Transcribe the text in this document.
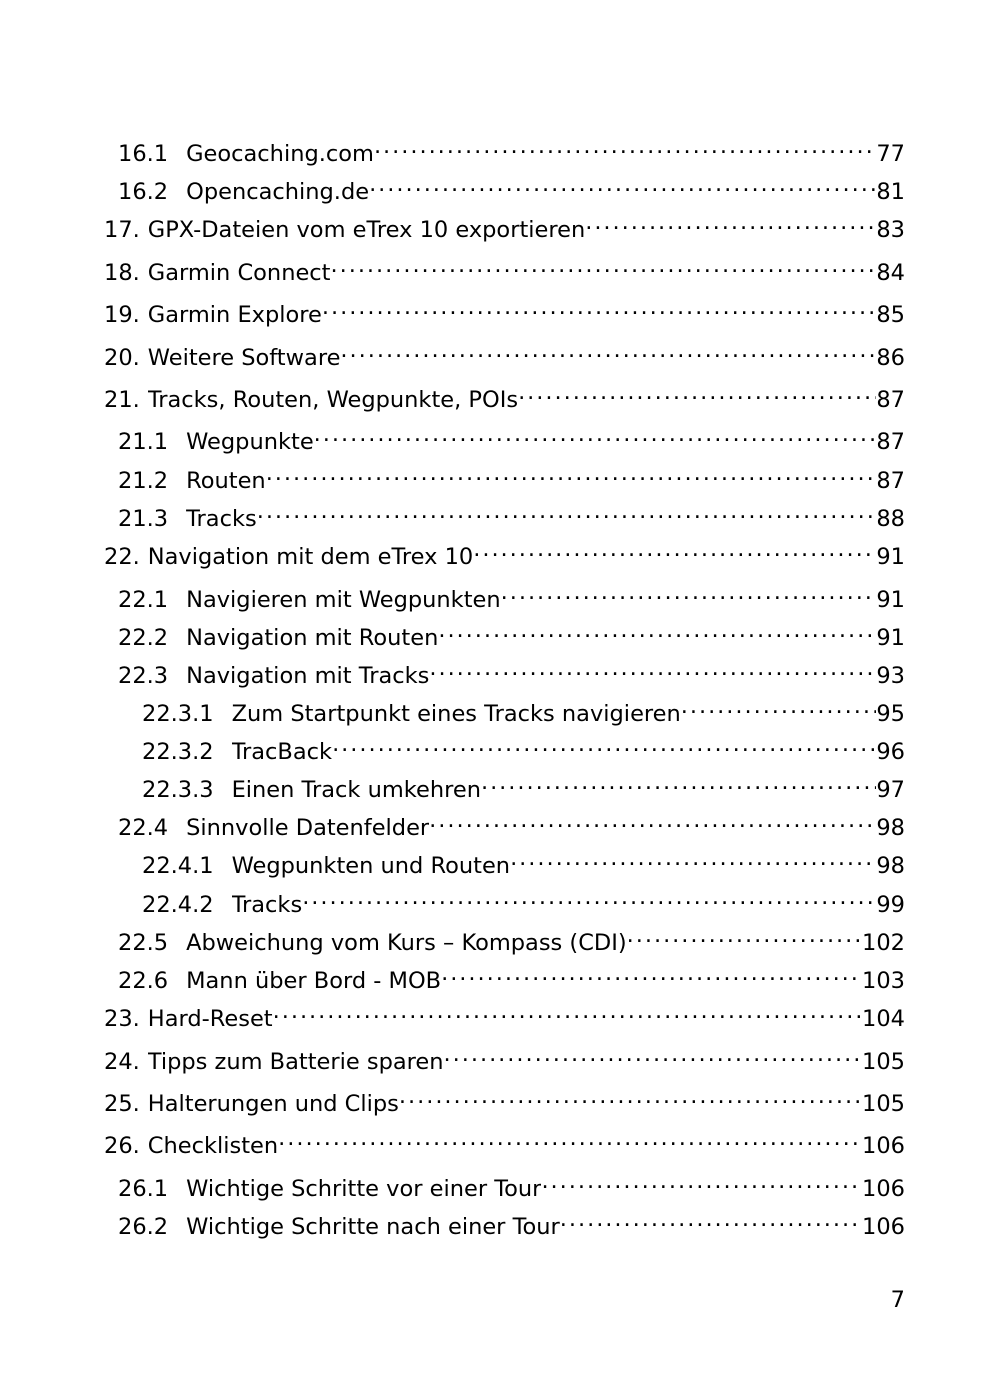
16.1 Geocaching.com . . .	77
16.2 Opencaching.de . . .	81
17. GPX-Dateien vom eTrex 10 exportieren . . .	83
18. Garmin Connect . . .	84
19. Garmin Explore . . .	85
20. Weitere Software . . .	86
21. Tracks, Routen, Wegpunkte, POIs . . .	87
21.1 Wegpunkte . . .	87
21.2 Routen . . .	87
21.3 Tracks . . .	88
22. Navigation mit dem eTrex 10 . . .	91
22.1 Navigieren mit Wegpunkten . . .	91
22.2 Navigation mit Routen . . .	91
22.3 Navigation mit Tracks . . .	93
22.3.1 Zum Startpunkt eines Tracks navigieren . . .	95
22.3.2 TracBack . . .	96
22.3.3 Einen Track umkehren . . .	97
22.4 Sinnvolle Datenfelder . . .	98
22.4.1 Wegpunkten und Routen . . .	98
22.4.2 Tracks . . .	99
22.5 Abweichung vom Kurs – Kompass (CDI) . . .	102
22.6 Mann über Bord - MOB . . .	103
23. Hard-Reset . . .	104
24. Tipps zum Batterie sparen . . .	105
25. Halterungen und Clips . . .	105
26. Checklisten . . .	106
26.1 Wichtige Schritte vor einer Tour . . .	106
26.2 Wichtige Schritte nach einer Tour . . .	106
7
